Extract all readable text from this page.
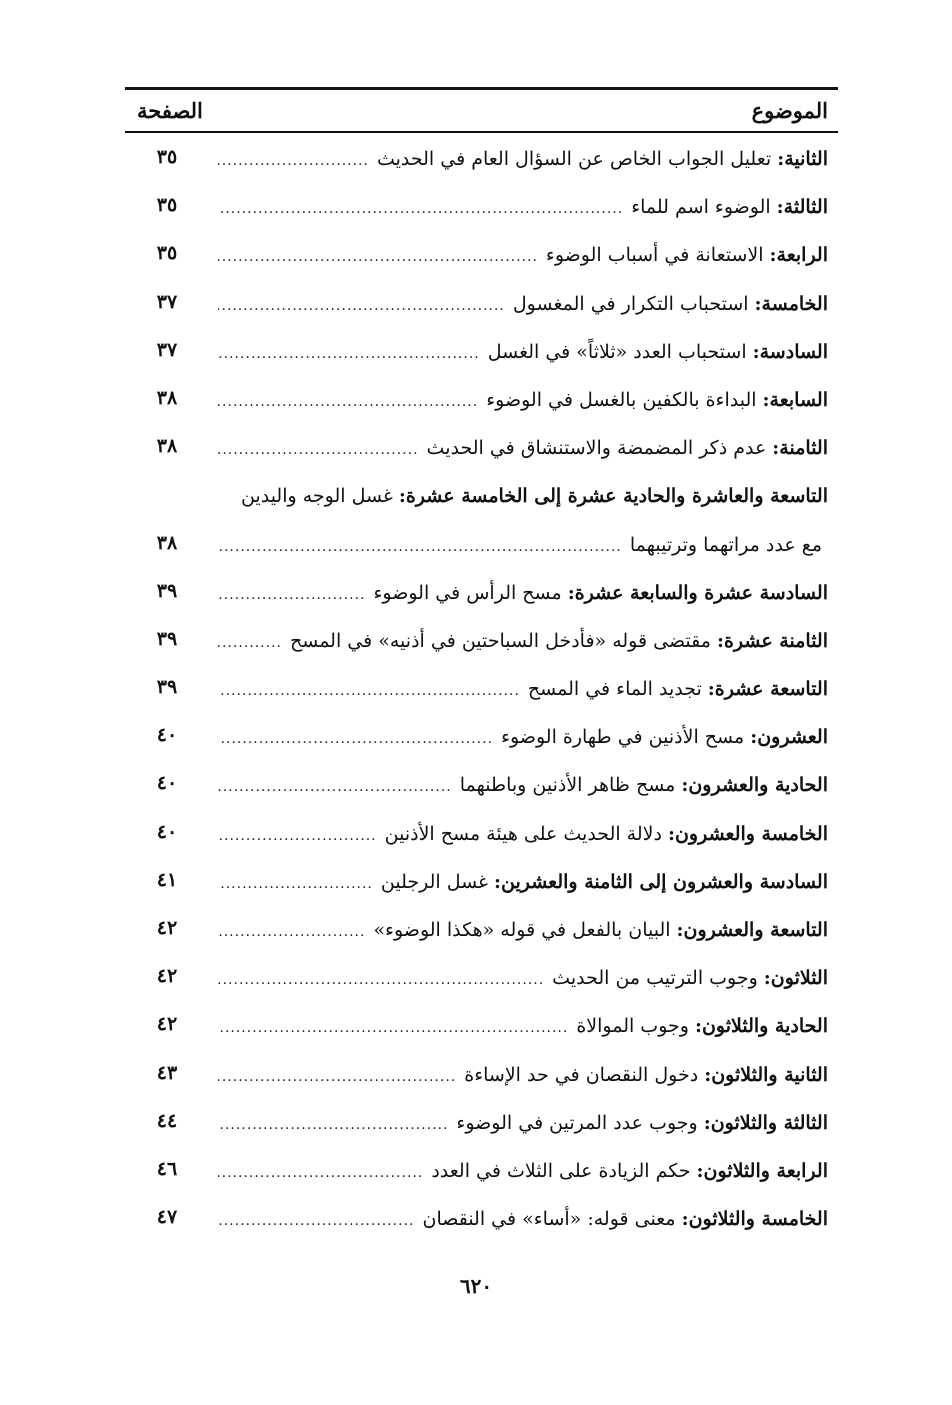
الموضوع
الصفحة
الثانية:
تعليل الجواب الخاص عن السؤال العام في الحديث
.....
٣٥
الثالثة:
الوضوء اسم للماء
.....
٣٥
الرابعة:
الاستعانة في أسباب الوضوء
.....
٣٥
الخامسة:
استحباب التكرار في المغسول
.....
٣٧
السادسة:
استحباب العدد «ثلاثاً» في الغسل
.....
٣٧
السابعة:
البداءة بالكفين بالغسل في الوضوء
.....
٣٨
الثامنة:
عدم ذكر المضمضة والاستنشاق في الحديث
.....
٣٨
التاسعة والعاشرة والحادية عشرة إلى الخامسة عشرة:
غسل الوجه واليدين
مع عدد مراتهما وترتيبهما
.....
٣٨
السادسة عشرة والسابعة عشرة:
مسح الرأس في الوضوء
.....
٣٩
الثامنة عشرة:
مقتضى قوله «فأدخل السباحتين في أذنيه» في المسح
.....
٣٩
التاسعة عشرة:
تجديد الماء في المسح
.....
٣٩
العشرون:
مسح الأذنين في طهارة الوضوء
.....
٤٠
الحادية والعشرون:
مسح ظاهر الأذنين وباطنهما
.....
٤٠
الخامسة والعشرون:
دلالة الحديث على هيئة مسح الأذنين
.....
٤٠
السادسة والعشرون إلى الثامنة والعشرين:
غسل الرجلين
.....
٤١
التاسعة والعشرون:
البيان بالفعل في قوله «هكذا الوضوء»
.....
٤٢
الثلاثون:
وجوب الترتيب من الحديث
.....
٤٢
الحادية والثلاثون:
وجوب الموالاة
.....
٤٢
الثانية والثلاثون:
دخول النقصان في حد الإساءة
.....
٤٣
الثالثة والثلاثون:
وجوب عدد المرتين في الوضوء
.....
٤٤
الرابعة والثلاثون:
حكم الزيادة على الثلاث في العدد
.....
٤٦
الخامسة والثلاثون:
معنى قوله: «أساء» في النقصان
.....
٤٧
٦٢٠
